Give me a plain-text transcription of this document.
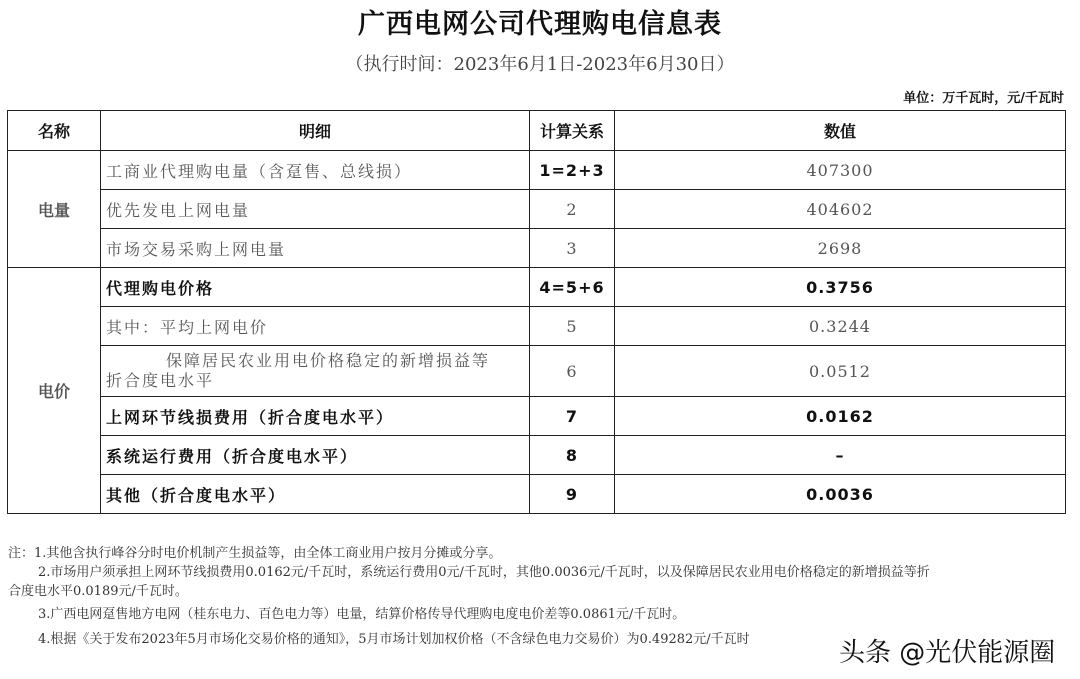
广西电网公司代理购电信息表
（执行时间：2023年6月1日-2023年6月30日）
单位：万千瓦时，元/千瓦时
名称	明细	计算关系	数值
电量	工商业代理购电量（含趸售、总线损）	1=2+3	407300
	优先发电上网电量	2	404602
	市场交易采购上网电量	3	2698
电价	代理购电价格	4=5+6	0.3756
	其中：平均上网电价	5	0.3244
	保障居民农业用电价格稳定的新增损益等
折合度电水平	6	0.0512
	上网环节线损费用（折合度电水平）	7	0.0162
	系统运行费用（折合度电水平）	8	–
	其他（折合度电水平）	9	0.0036

注：1.其他含执行峰谷分时电价机制产生损益等，由全体工商业用户按月分摊或分享。

2.市场用户须承担上网环节线损费用0.0162元/千瓦时，系统运行费用0元/千瓦时，其他0.0036元/千瓦时，以及保障居民农业用电价格稳定的新增损益等折

合度电水平0.0189元/千瓦时。

3.广西电网趸售地方电网（桂东电力、百色电力等）电量，结算价格传导代理购电度电价差等0.0861元/千瓦时。

4.根据《关于发布2023年5月市场化交易价格的通知》，5月市场计划加权价格（不含绿色电力交易价）为0.49282元/千瓦时	头条 @光伏能源圈
